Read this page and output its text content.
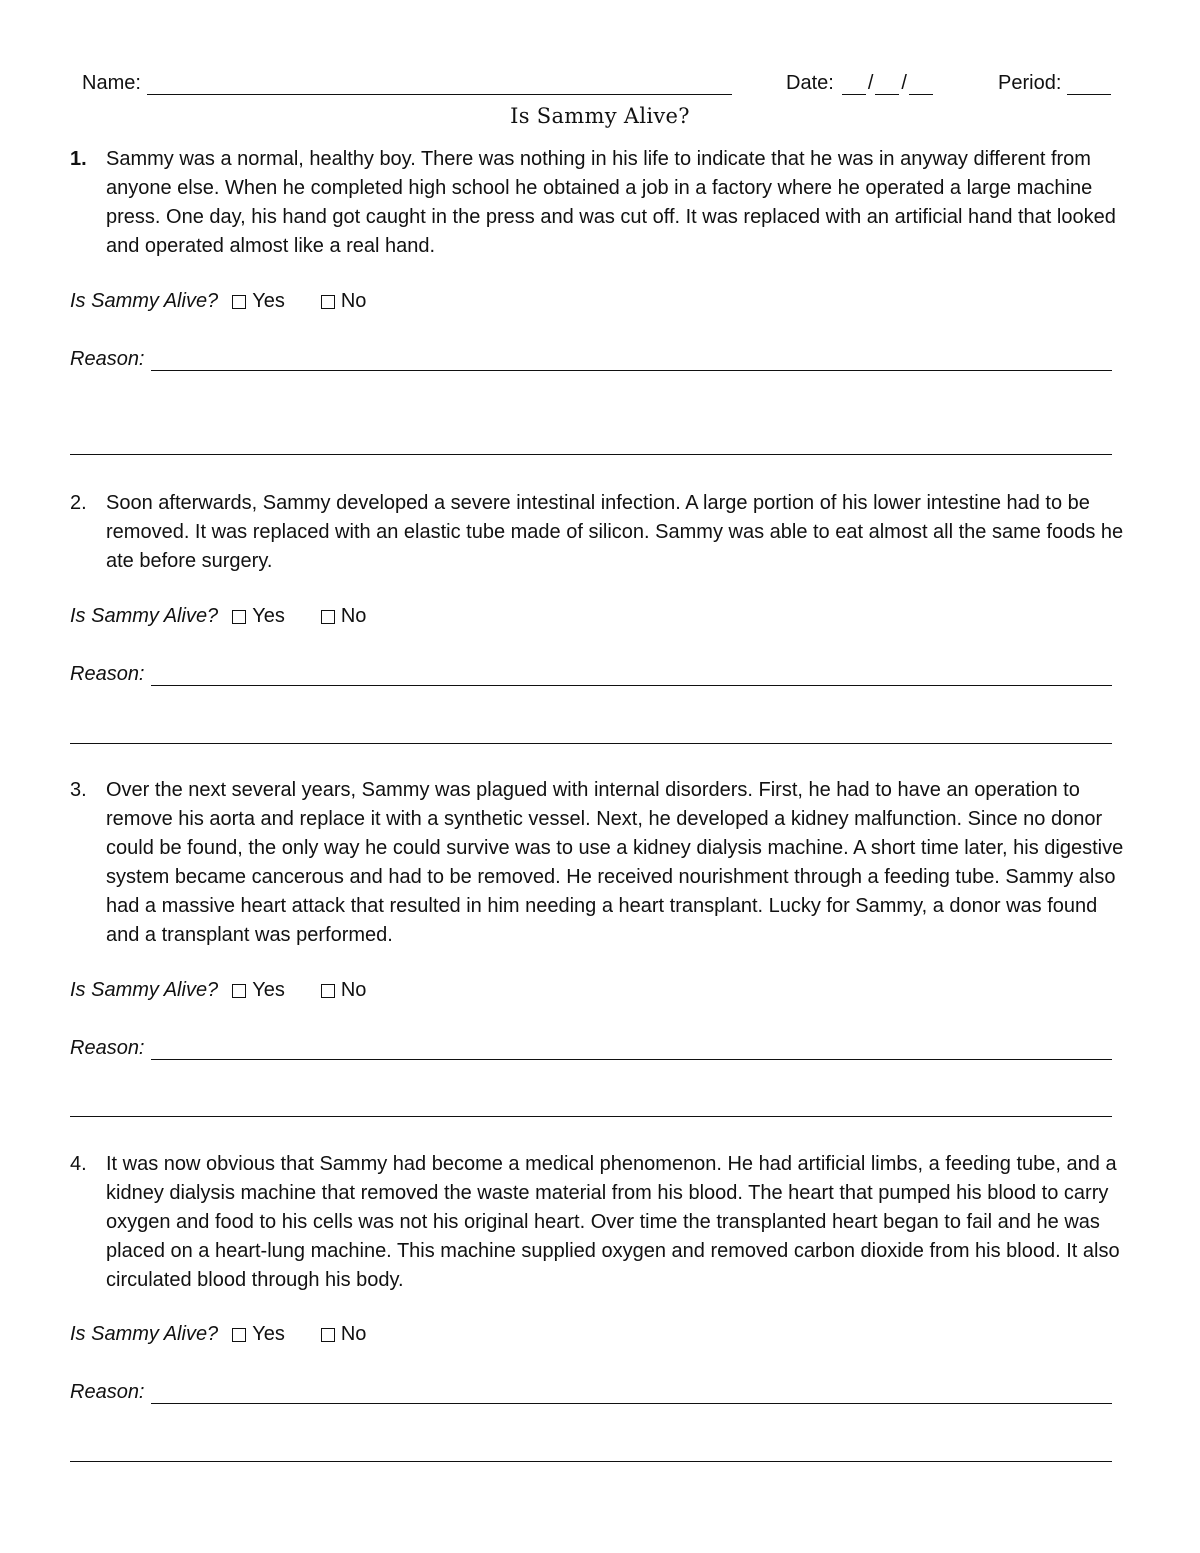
Name:	Date: / /	Period:
Is Sammy Alive?
1. Sammy was a normal, healthy boy. There was nothing in his life to indicate that he was in anyway different from anyone else. When he completed high school he obtained a job in a factory where he operated a large machine press. One day, his hand got caught in the press and was cut off. It was replaced with an artificial hand that looked and operated almost like a real hand.
Is Sammy Alive? Yes	No
Reason:
2. Soon afterwards, Sammy developed a severe intestinal infection. A large portion of his lower intestine had to be removed. It was replaced with an elastic tube made of silicon. Sammy was able to eat almost all the same foods he ate before surgery.
Is Sammy Alive? Yes	No
Reason:
3. Over the next several years, Sammy was plagued with internal disorders. First, he had to have an operation to remove his aorta and replace it with a synthetic vessel. Next, he developed a kidney malfunction. Since no donor could be found, the only way he could survive was to use a kidney dialysis machine. A short time later, his digestive system became cancerous and had to be removed. He received nourishment through a feeding tube. Sammy also had a massive heart attack that resulted in him needing a heart transplant. Lucky for Sammy, a donor was found and a transplant was performed.
Is Sammy Alive? Yes	No
Reason:
4. It was now obvious that Sammy had become a medical phenomenon. He had artificial limbs, a feeding tube, and a kidney dialysis machine that removed the waste material from his blood. The heart that pumped his blood to carry oxygen and food to his cells was not his original heart. Over time the transplanted heart began to fail and he was placed on a heart-lung machine. This machine supplied oxygen and removed carbon dioxide from his blood. It also circulated blood through his body.
Is Sammy Alive? Yes	No
Reason:
